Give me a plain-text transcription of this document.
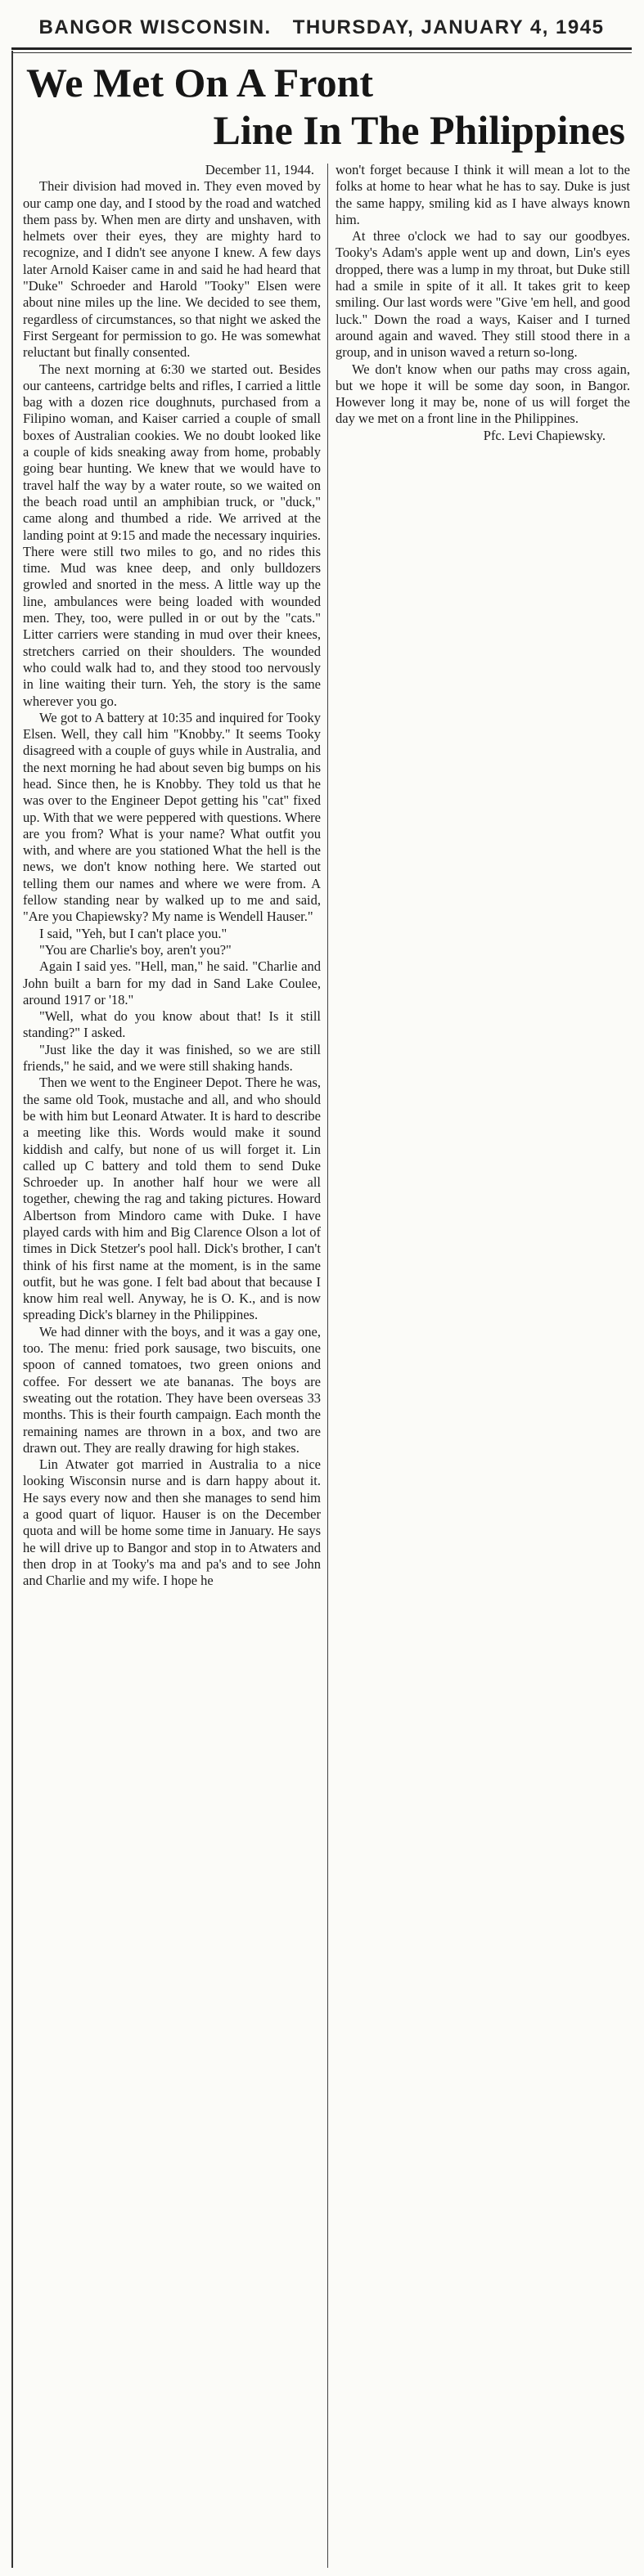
BANGOR WISCONSIN. THURSDAY, JANUARY 4, 1945
We Met On A Front
Line In The Philippines

December 11, 1944.

Their division had moved in. They even moved by our camp one day, and I stood by the road and watched them pass by. When men are dirty and unshaven, with helmets over their eyes, they are mighty hard to recognize, and I didn't see anyone I knew. A few days later Arnold Kaiser came in and said he had heard that "Duke" Schroeder and Harold "Tooky" Elsen were about nine miles up the line. We decided to see them, regardless of circumstances, so that night we asked the First Sergeant for permission to go. He was somewhat reluctant but finally consented.

The next morning at 6:30 we started out. Besides our canteens, cartridge belts and rifles, I carried a little bag with a dozen rice doughnuts, purchased from a Filipino woman, and Kaiser carried a couple of small boxes of Australian cookies. We no doubt looked like a couple of kids sneaking away from home, probably going bear hunting. We knew that we would have to travel half the way by a water route, so we waited on the beach road until an amphibian truck, or "duck," came along and thumbed a ride. We arrived at the landing point at 9:15 and made the necessary inquiries. There were still two miles to go, and no rides this time. Mud was knee deep, and only bulldozers growled and snorted in the mess. A little way up the line, ambulances were being loaded with wounded men. They, too, were pulled in or out by the "cats." Litter carriers were standing in mud over their knees, stretchers carried on their shoulders. The wounded who could walk had to, and they stood too nervously in line waiting their turn. Yeh, the story is the same wherever you go.

We got to A battery at 10:35 and inquired for Tooky Elsen. Well, they call him "Knobby." It seems Tooky disagreed with a couple of guys while in Australia, and the next morning he had about seven big bumps on his head. Since then, he is Knobby. They told us that he was over to the Engineer Depot getting his "cat" fixed up. With that we were peppered with questions. Where are you from? What is your name? What outfit you with, and where are you stationed What the hell is the news, we don't know nothing here. We started out telling them our names and where we were from. A fellow standing near by walked up to me and said, "Are you Chapiewsky? My name is Wendell Hauser."

I said, "Yeh, but I can't place you."

"You are Charlie's boy, aren't you?"

Again I said yes. "Hell, man," he said. "Charlie and John built a barn for my dad in Sand Lake Coulee, around 1917 or '18."

"Well, what do you know about that! Is it still standing?" I asked.

"Just like the day it was finished, so we are still friends," he said, and we were still shaking hands.

Then we went to the Engineer Depot. There he was, the same old Took, mustache and all, and who should be with him but Leonard Atwater. It is hard to describe a meeting like this. Words would make it sound kiddish and calfy, but none of us will forget it. Lin called up C battery and told them to send Duke Schroeder up. In another half hour we were all together, chewing the rag and taking pictures. Howard Albertson from Mindoro came with Duke. I have played cards with him and Big Clarence Olson a lot of times in Dick Stetzer's pool hall. Dick's brother, I can't think of his first name at the moment, is in the same outfit, but he was gone. I felt bad about that because I know him real well. Anyway, he is O. K., and is now spreading Dick's blarney in the Philippines.

We had dinner with the boys, and it was a gay one, too. The menu: fried pork sausage, two biscuits, one spoon of canned tomatoes, two green onions and coffee. For dessert we ate bananas. The boys are sweating out the rotation. They have been overseas 33 months. This is their fourth campaign. Each month the remaining names are thrown in a box, and two are drawn out. They are really drawing for high stakes.

Lin Atwater got married in Australia to a nice looking Wisconsin nurse and is darn happy about it. He says every now and then she manages to send him a good quart of liquor. Hauser is on the December quota and will be home some time in January. He says he will drive up to Bangor and stop in to Atwaters and then drop in at Tooky's ma and pa's and to see John and Charlie and my wife. I hope he

won't forget because I think it will mean a lot to the folks at home to hear what he has to say. Duke is just the same happy, smiling kid as I have always known him.

At three o'clock we had to say our goodbyes. Tooky's Adam's apple went up and down, Lin's eyes dropped, there was a lump in my throat, but Duke still had a smile in spite of it all. It takes grit to keep smiling. Our last words were "Give 'em hell, and good luck." Down the road a ways, Kaiser and I turned around again and waved. They still stood there in a group, and in unison waved a return so-long.

We don't know when our paths may cross again, but we hope it will be some day soon, in Bangor. However long it may be, none of us will forget the day we met on a front line in the Philippines.

Pfc. Levi Chapiewsky.
